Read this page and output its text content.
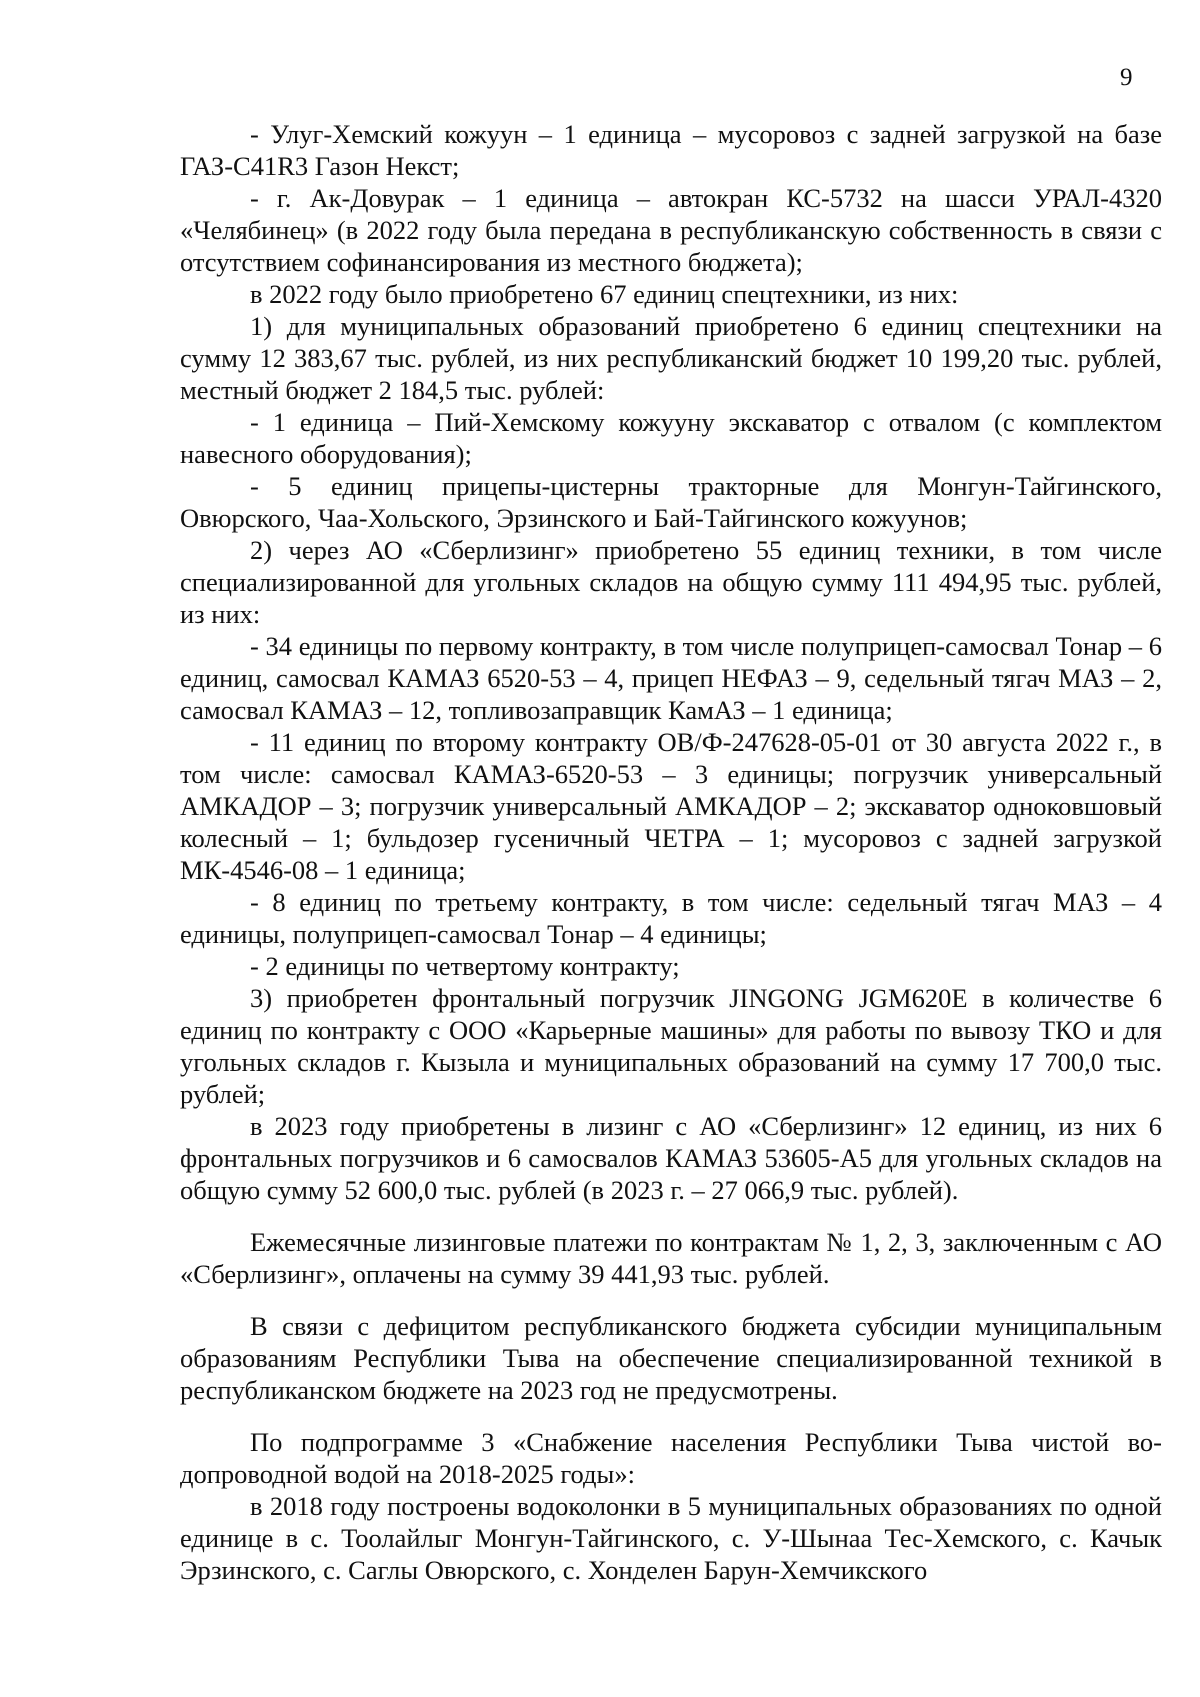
9

- Улуг-Хемский кожуун – 1 единица – мусоровоз с задней загрузкой на базе ГАЗ-C41R3 Газон Некст;

- г. Ак-Довурак – 1 единица – автокран КС-5732 на шасси УРАЛ-4320 «Челябинец» (в 2022 году была передана в республиканскую собственность в связи с отсутствием софинансирования из местного бюджета);

в 2022 году было приобретено 67 единиц спецтехники, из них:

1) для муниципальных образований приобретено 6 единиц спецтехники на сумму 12 383,67 тыс. рублей, из них республиканский бюджет 10 199,20 тыс. рублей, местный бюджет 2 184,5 тыс. рублей:

- 1 единица – Пий-Хемскому кожууну экскаватор с отвалом (с комплектом навесного оборудования);

- 5 единиц прицепы-цистерны тракторные для Монгун-Тайгинского, Овюрского, Чаа-Хольского, Эрзинского и Бай-Тайгинского кожуунов;

2) через АО «Сберлизинг» приобретено 55 единиц техники, в том числе специализированной для угольных складов на общую сумму 111 494,95 тыс. рублей, из них:

- 34 единицы по первому контракту, в том числе полуприцеп-самосвал Тонар – 6 единиц, самосвал КАМАЗ 6520-53 – 4, прицеп НЕФАЗ – 9, седельный тягач МАЗ – 2, самосвал КАМАЗ – 12, топливозаправщик КамАЗ – 1 единица;

- 11 единиц по второму контракту ОВ/Ф-247628-05-01 от 30 августа 2022 г., в том числе: самосвал КАМАЗ-6520-53 – 3 единицы; погрузчик универсальный АМКАДОР – 3; погрузчик универсальный АМКАДОР – 2; экскаватор одноковшовый колесный – 1; бульдозер гусеничный ЧЕТРА – 1; мусоровоз с задней загрузкой МК-4546-08 – 1 единица;

- 8 единиц по третьему контракту, в том числе: седельный тягач МАЗ – 4 единицы, полуприцеп-самосвал Тонар – 4 единицы;

- 2 единицы по четвертому контракту;

3) приобретен фронтальный погрузчик JINGONG JGM620E в количестве 6 единиц по контракту с ООО «Карьерные машины» для работы по вывозу ТКО и для угольных складов г. Кызыла и муниципальных образований на сумму 17 700,0 тыс. рублей;

в 2023 году приобретены в лизинг с АО «Сберлизинг» 12 единиц, из них 6 фронтальных погрузчиков и 6 самосвалов КАМАЗ 53605-А5 для угольных складов на общую сумму 52 600,0 тыс. рублей (в 2023 г. – 27 066,9 тыс. рублей).

Ежемесячные лизинговые платежи по контрактам № 1, 2, 3, заключенным с АО «Сберлизинг», оплачены на сумму 39 441,93 тыс. рублей.

В связи с дефицитом республиканского бюджета субсидии муниципальным образованиям Республики Тыва на обеспечение специализированной техникой в республиканском бюджете на 2023 год не предусмотрены.

По подпрограмме 3 «Снабжение населения Республики Тыва чистой водопроводной водой на 2018-2025 годы»:

в 2018 году построены водоколонки в 5 муниципальных образованиях по одной единице в с. Тоолайлыг Монгун-Тайгинского, с. У-Шынаа Тес-Хемского, с. Качык Эрзинского, с. Саглы Овюрского, с. Хонделен Барун-Хемчикского
